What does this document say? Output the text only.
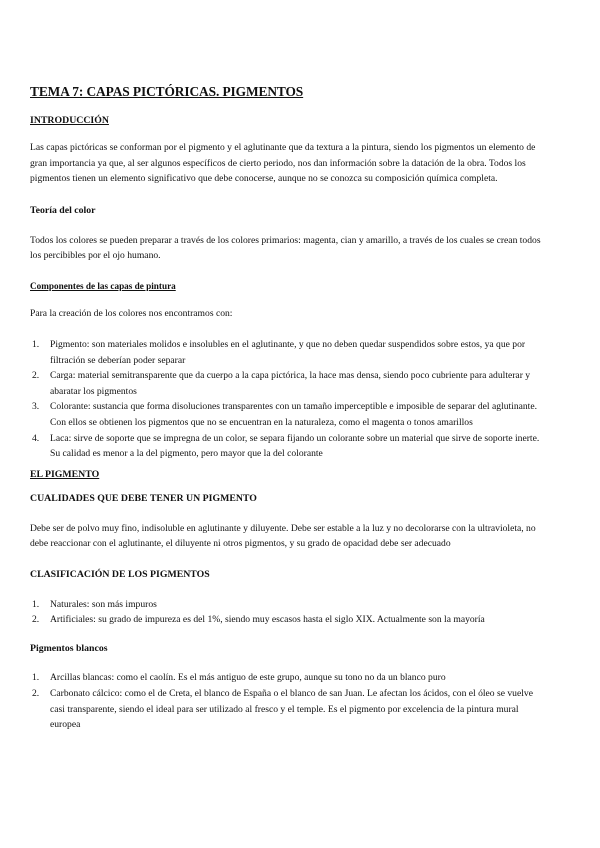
TEMA 7: CAPAS PICTÓRICAS. PIGMENTOS

INTRODUCCIÓN

Las capas pictóricas se conforman por el pigmento y el aglutinante que da textura a la pintura, siendo los pigmentos un elemento de gran importancia ya que, al ser algunos específicos de cierto periodo, nos dan información sobre la datación de la obra. Todos los pigmentos tienen un elemento significativo que debe conocerse, aunque no se conozca su composición química completa.

Teoría del color

Todos los colores se pueden preparar a través de los colores primarios: magenta, cian y amarillo, a través de los cuales se crean todos los percibibles por el ojo humano.

Componentes de las capas de pintura

Para la creación de los colores nos encontramos con:

1. Pigmento: son materiales molidos e insolubles en el aglutinante, y que no deben quedar suspendidos sobre estos, ya que por filtración se deberían poder separar
2. Carga: material semitransparente que da cuerpo a la capa pictórica, la hace mas densa, siendo poco cubriente para adulterar y abaratar los pigmentos
3. Colorante: sustancia que forma disoluciones transparentes con un tamaño imperceptible e imposible de separar del aglutinante. Con ellos se obtienen los pigmentos que no se encuentran en la naturaleza, como el magenta o tonos amarillos
4. Laca: sirve de soporte que se impregna de un color, se separa fijando un colorante sobre un material que sirve de soporte inerte. Su calidad es menor a la del pigmento, pero mayor que la del colorante

EL PIGMENTO

CUALIDADES QUE DEBE TENER UN PIGMENTO

Debe ser de polvo muy fino, indisoluble en aglutinante y diluyente. Debe ser estable a la luz y no decolorarse con la ultravioleta, no debe reaccionar con el aglutinante, el diluyente ni otros pigmentos, y su grado de opacidad debe ser adecuado

CLASIFICACIÓN DE LOS PIGMENTOS

1. Naturales: son más impuros
2. Artificiales: su grado de impureza es del 1%, siendo muy escasos hasta el siglo XIX. Actualmente son la mayoría

Pigmentos blancos

1. Arcillas blancas: como el caolín. Es el más antiguo de este grupo, aunque su tono no da un blanco puro
2. Carbonato cálcico: como el de Creta, el blanco de España o el blanco de san Juan. Le afectan los ácidos, con el óleo se vuelve casi transparente, siendo el ideal para ser utilizado al fresco y el temple. Es el pigmento por excelencia de la pintura mural europea
